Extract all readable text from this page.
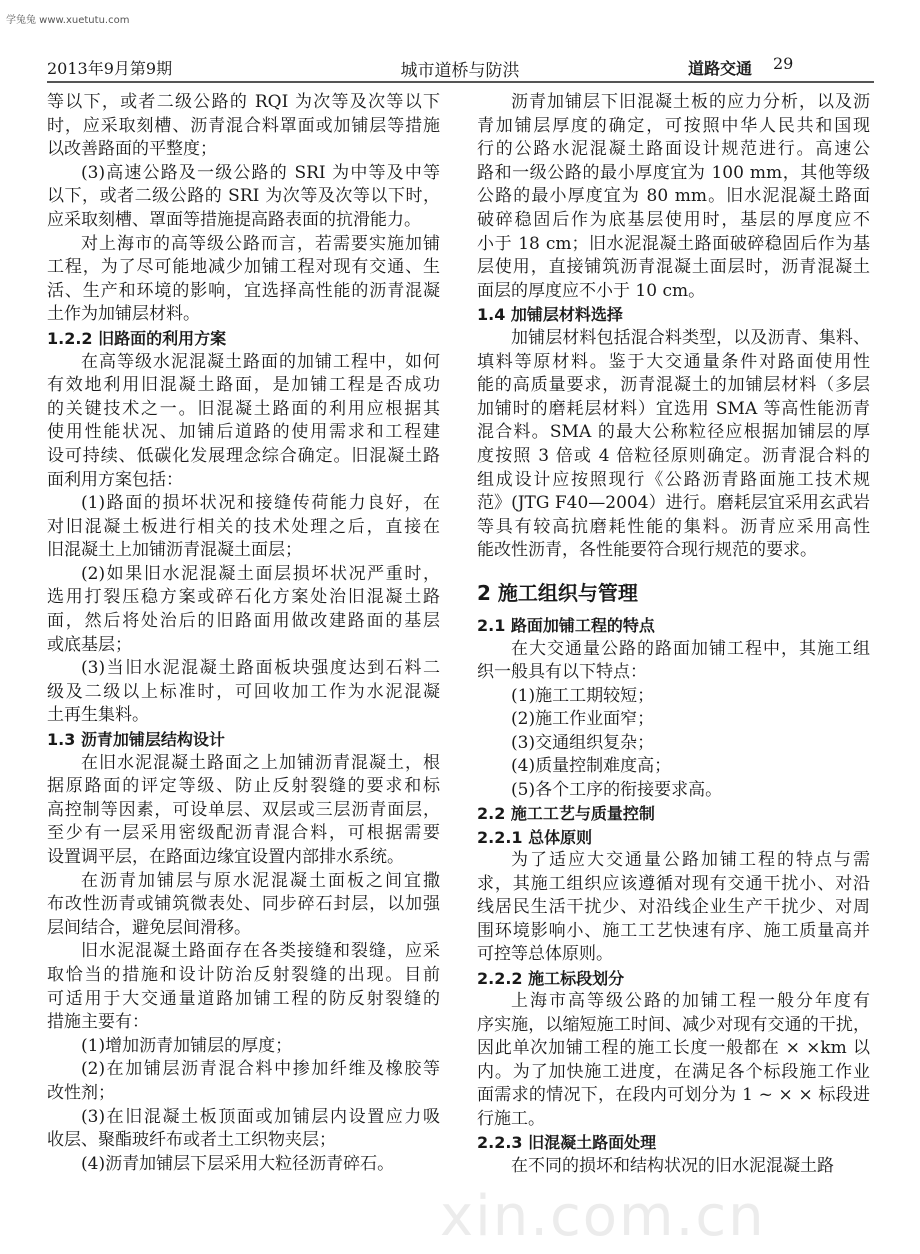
学兔兔 www.xuetutu.com
xin.com.cn
2013年9月第9期	城市道桥与防洪	道路交通 29
等以下，或者二级公路的 RQI 为次等及次等以下
时，应采取刻槽、沥青混合料罩面或加铺层等措施
以改善路面的平整度；
(3)高速公路及一级公路的 SRI 为中等及中等
以下，或者二级公路的 SRI 为次等及次等以下时，
应采取刻槽、罩面等措施提高路表面的抗滑能力。
对上海市的高等级公路而言，若需要实施加铺
工程，为了尽可能地减少加铺工程对现有交通、生
活、生产和环境的影响，宜选择高性能的沥青混凝
土作为加铺层材料。
1.2.2 旧路面的利用方案
在高等级水泥混凝土路面的加铺工程中，如何
有效地利用旧混凝土路面，是加铺工程是否成功
的关键技术之一。旧混凝土路面的利用应根据其
使用性能状况、加铺后道路的使用需求和工程建
设可持续、低碳化发展理念综合确定。旧混凝土路
面利用方案包括：
(1)路面的损坏状况和接缝传荷能力良好，在
对旧混凝土板进行相关的技术处理之后，直接在
旧混凝土上加铺沥青混凝土面层；
(2)如果旧水泥混凝土面层损坏状况严重时，
选用打裂压稳方案或碎石化方案处治旧混凝土路
面，然后将处治后的旧路面用做改建路面的基层
或底基层；
(3)当旧水泥混凝土路面板块强度达到石料二
级及二级以上标准时，可回收加工作为水泥混凝
土再生集料。
1.3 沥青加铺层结构设计
在旧水泥混凝土路面之上加铺沥青混凝土，根
据原路面的评定等级、防止反射裂缝的要求和标
高控制等因素，可设单层、双层或三层沥青面层，
至少有一层采用密级配沥青混合料，可根据需要
设置调平层，在路面边缘宜设置内部排水系统。
在沥青加铺层与原水泥混凝土面板之间宜撒
布改性沥青或铺筑微表处、同步碎石封层，以加强
层间结合，避免层间滑移。
旧水泥混凝土路面存在各类接缝和裂缝，应采
取恰当的措施和设计防治反射裂缝的出现。目前
可适用于大交通量道路加铺工程的防反射裂缝的
措施主要有：
(1)增加沥青加铺层的厚度；
(2)在加铺层沥青混合料中掺加纤维及橡胶等
改性剂；
(3)在旧混凝土板顶面或加铺层内设置应力吸
收层、聚酯玻纤布或者土工织物夹层；
(4)沥青加铺层下层采用大粒径沥青碎石。
沥青加铺层下旧混凝土板的应力分析，以及沥
青加铺层厚度的确定，可按照中华人民共和国现
行的公路水泥混凝土路面设计规范进行。高速公
路和一级公路的最小厚度宜为 100 mm，其他等级
公路的最小厚度宜为 80 mm。旧水泥混凝土路面
破碎稳固后作为底基层使用时，基层的厚度应不
小于 18 cm；旧水泥混凝土路面破碎稳固后作为基
层使用，直接铺筑沥青混凝土面层时，沥青混凝土
面层的厚度应不小于 10 cm。
1.4 加铺层材料选择
加铺层材料包括混合料类型，以及沥青、集料、
填料等原材料。鉴于大交通量条件对路面使用性
能的高质量要求，沥青混凝土的加铺层材料（多层
加铺时的磨耗层材料）宜选用 SMA 等高性能沥青
混合料。SMA 的最大公称粒径应根据加铺层的厚
度按照 3 倍或 4 倍粒径原则确定。沥青混合料的
组成设计应按照现行《公路沥青路面施工技术规
范》(JTG F40—2004）进行。磨耗层宜采用玄武岩
等具有较高抗磨耗性能的集料。沥青应采用高性
能改性沥青，各性能要符合现行规范的要求。
2 施工组织与管理
2.1 路面加铺工程的特点
在大交通量公路的路面加铺工程中，其施工组
织一般具有以下特点：
(1)施工工期较短；
(2)施工作业面窄；
(3)交通组织复杂；
(4)质量控制难度高；
(5)各个工序的衔接要求高。
2.2 施工工艺与质量控制
2.2.1 总体原则
为了适应大交通量公路加铺工程的特点与需
求，其施工组织应该遵循对现有交通干扰小、对沿
线居民生活干扰少、对沿线企业生产干扰少、对周
围环境影响小、施工工艺快速有序、施工质量高并
可控等总体原则。
2.2.2 施工标段划分
上海市高等级公路的加铺工程一般分年度有
序实施，以缩短施工时间、减少对现有交通的干扰，
因此单次加铺工程的施工长度一般都在 × ×km 以
内。为了加快施工进度，在满足各个标段施工作业
面需求的情况下，在段内可划分为 1 ~ × × 标段进
行施工。
2.2.3 旧混凝土路面处理
在不同的损坏和结构状况的旧水泥混凝土路
